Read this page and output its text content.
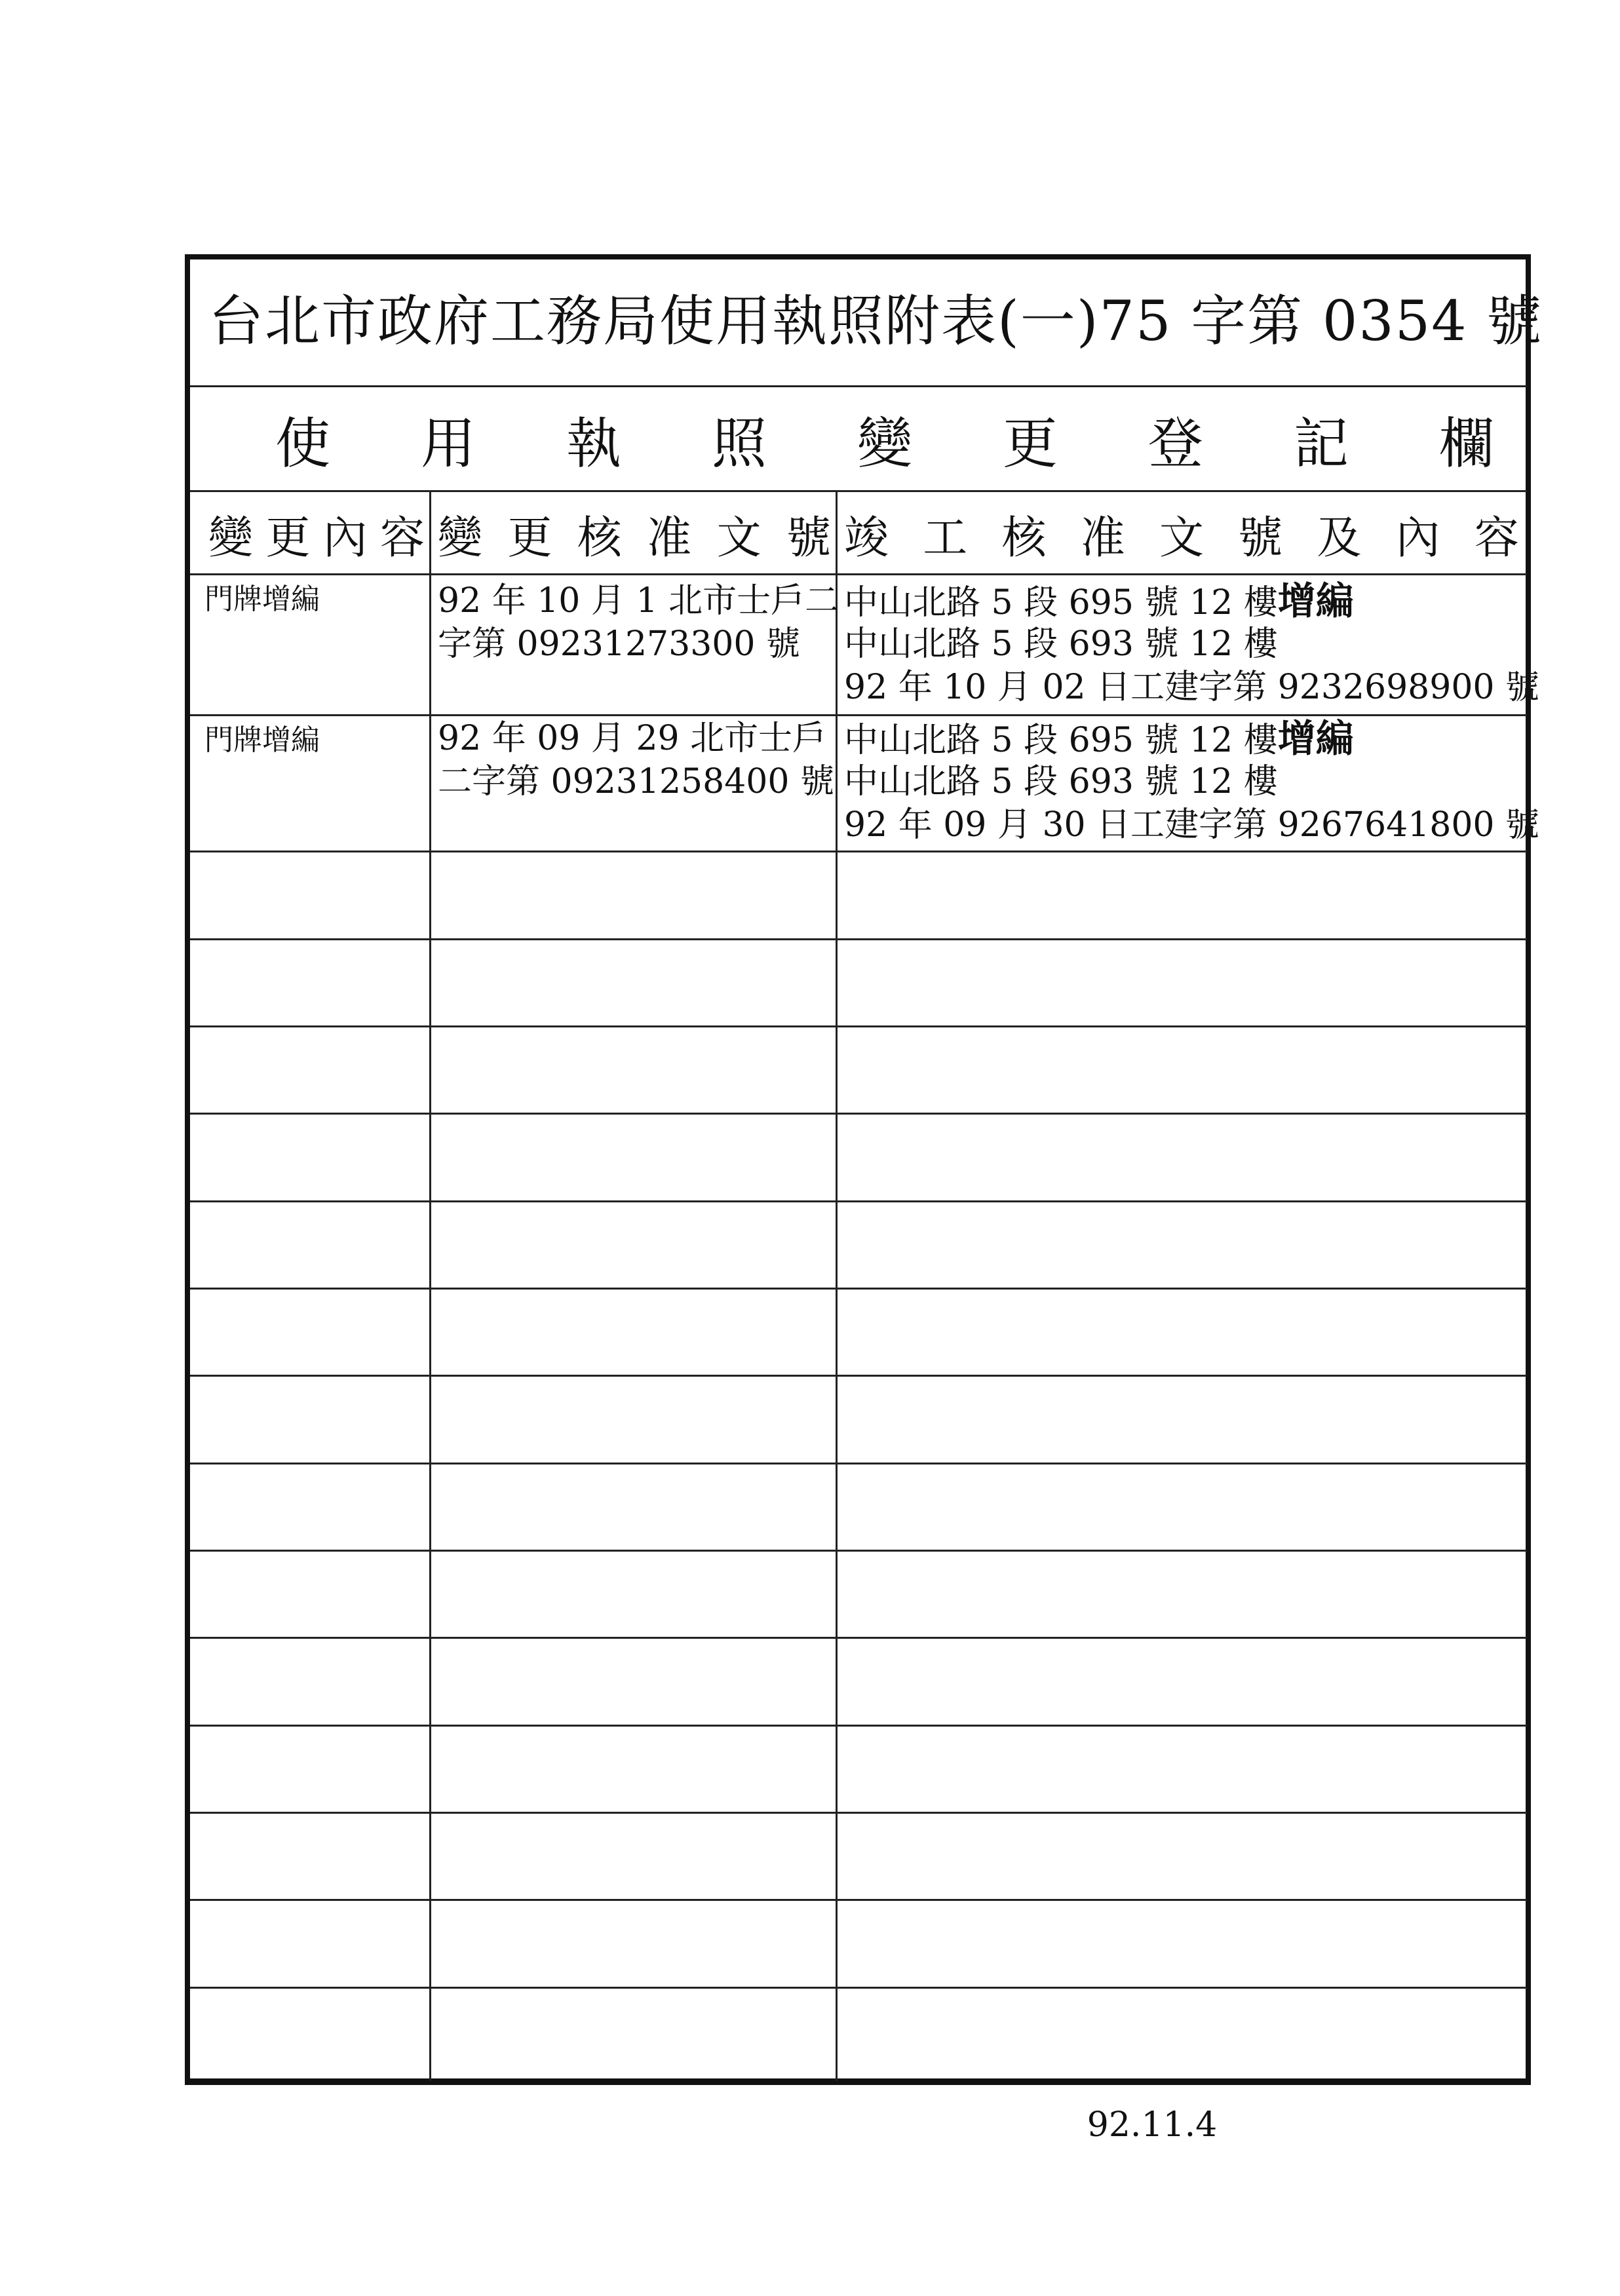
台北市政府工務局使用執照附表(一)75 字第 0354 號
使 用 執 照 變 更 登 記 欄
變 更 內 容 變 更 核 准 文 號 竣 工 核 准 文 號 及 內 容
門牌增編	92 年 10 月 1 北市士戶二
字第 09231273300 號
中山北路 5 段 695 號 12 樓增編
中山北路 5 段 693 號 12 樓
92 年 10 月 02 日工建字第 9232698900 號
門牌增編	92 年 09 月 29 北市士戶
二字第 09231258400 號
中山北路 5 段 695 號 12 樓增編
中山北路 5 段 693 號 12 樓
92 年 09 月 30 日工建字第 9267641800 號
92.11.4
